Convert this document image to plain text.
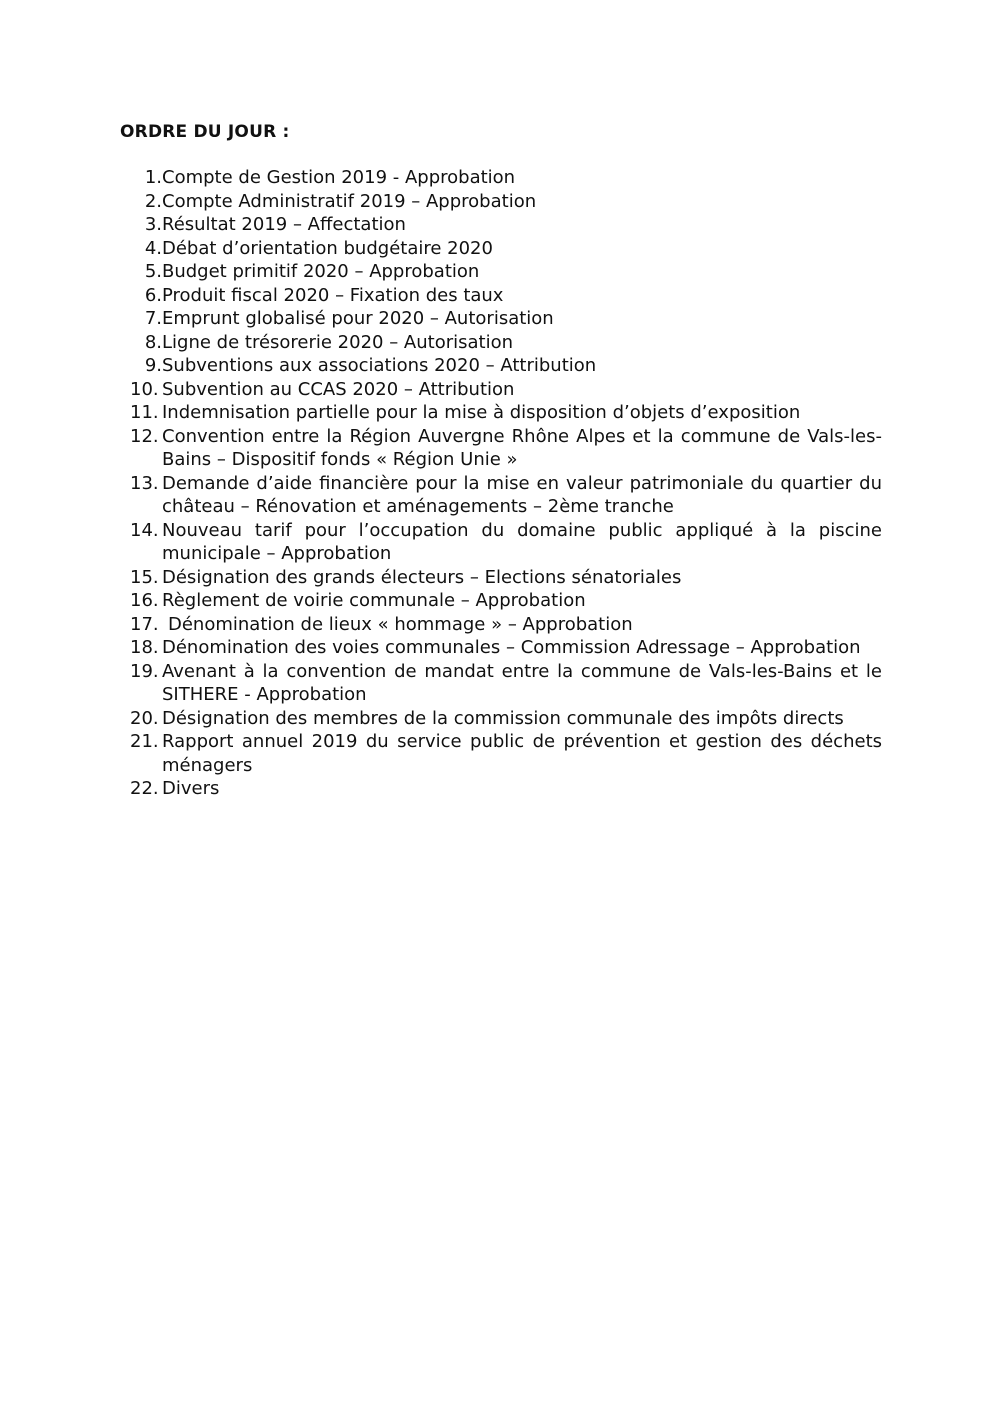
ORDRE DU JOUR :
1. Compte de Gestion 2019 - Approbation
2. Compte Administratif 2019 – Approbation
3. Résultat 2019 – Affectation
4. Débat d’orientation budgétaire 2020
5. Budget primitif 2020 – Approbation
6. Produit fiscal 2020 – Fixation des taux
7. Emprunt globalisé pour 2020 – Autorisation
8. Ligne de trésorerie 2020 – Autorisation
9. Subventions aux associations 2020 – Attribution
10. Subvention au CCAS 2020 – Attribution
11. Indemnisation partielle pour la mise à disposition d’objets d’exposition
12. Convention entre la Région Auvergne Rhône Alpes et la commune de Vals-les-Bains – Dispositif fonds « Région Unie »
13. Demande d’aide financière pour la mise en valeur patrimoniale du quartier du château – Rénovation et aménagements – 2ème tranche
14. Nouveau tarif pour l’occupation du domaine public appliqué à la piscine municipale – Approbation
15. Désignation des grands électeurs – Elections sénatoriales
16. Règlement de voirie communale – Approbation
17. Dénomination de lieux « hommage » – Approbation
18. Dénomination des voies communales – Commission Adressage – Approbation
19. Avenant à la convention de mandat entre la commune de Vals-les-Bains et le SITHERE - Approbation
20. Désignation des membres de la commission communale des impôts directs
21. Rapport annuel 2019 du service public de prévention et gestion des déchets ménagers
22. Divers
